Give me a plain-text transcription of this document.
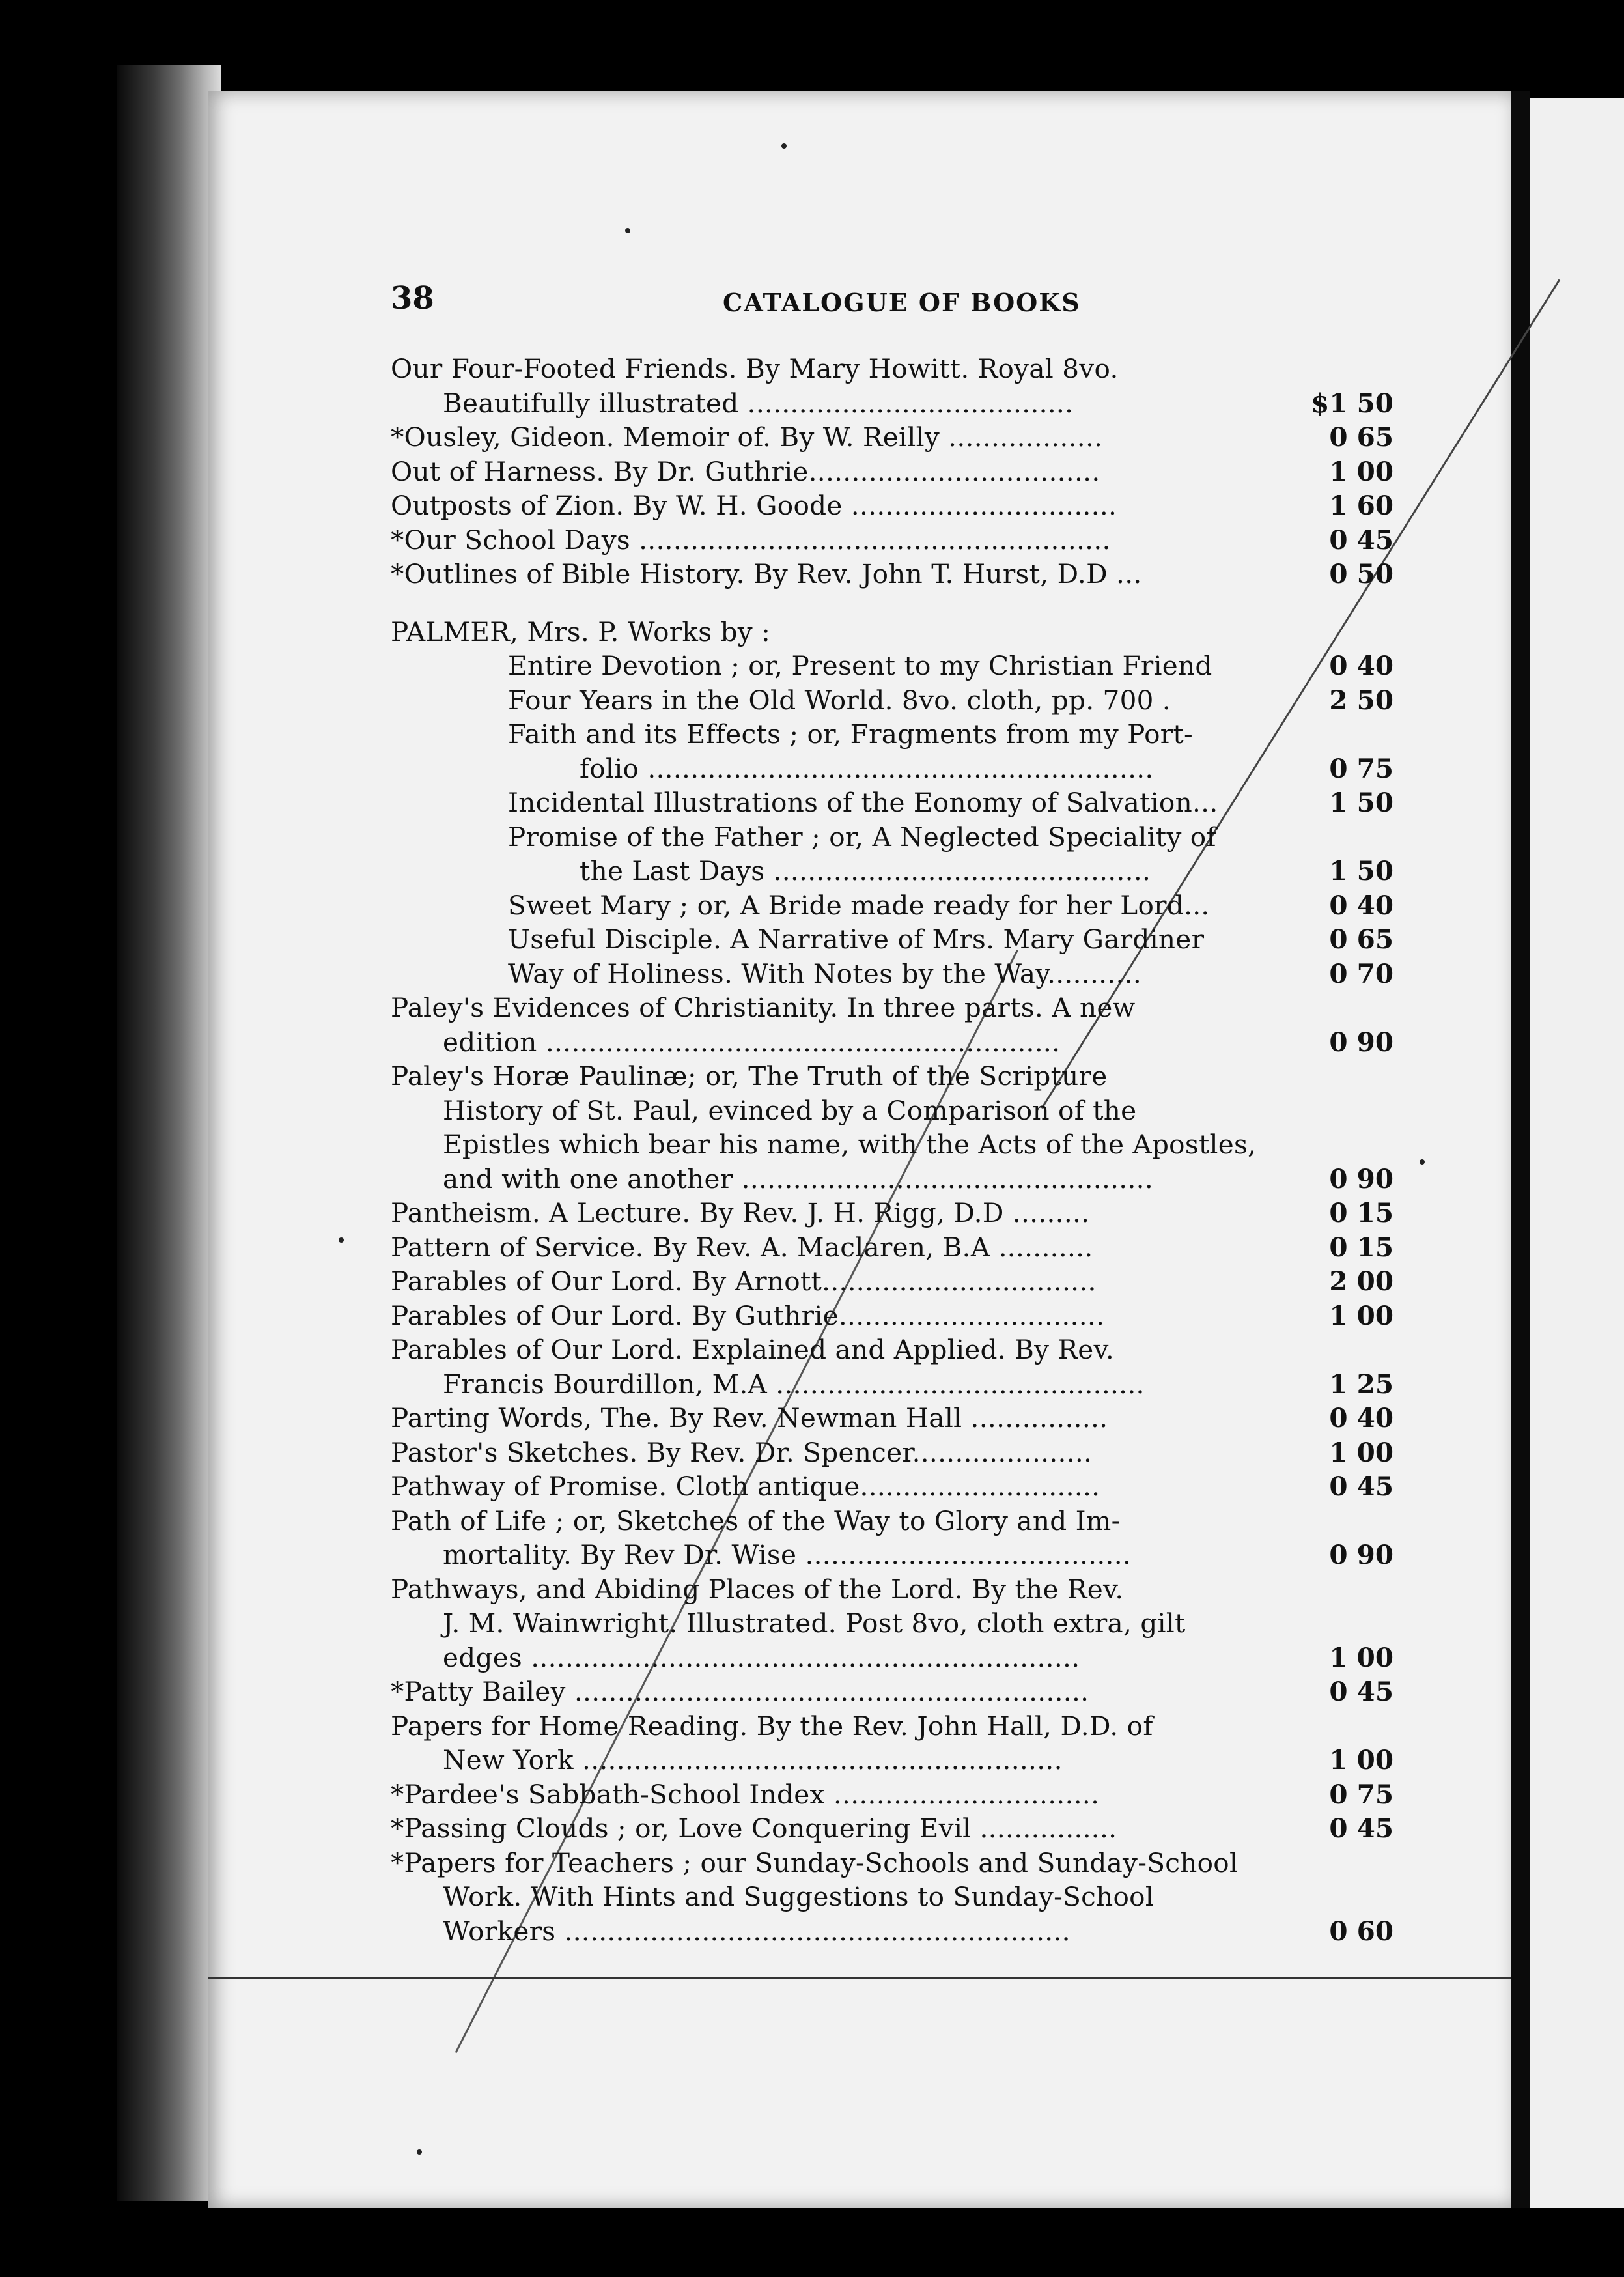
38	CATALOGUE OF BOOKS
Our Four-Footed Friends. By Mary Howitt. Royal 8vo.
Beautifully illustrated ......................................	$1 50
*Ousley, Gideon. Memoir of. By W. Reilly ..................	0 65
Out of Harness. By Dr. Guthrie..................................	1 00
Outposts of Zion. By W. H. Goode ...............................	1 60
*Our School Days .......................................................	0 45
*Outlines of Bible History. By Rev. John T. Hurst, D.D ...	0 50
PALMER, Mrs. P. Works by :
Entire Devotion ; or, Present to my Christian Friend	0 40
Four Years in the Old World. 8vo. cloth, pp. 700 .	2 50
Faith and its Effects ; or, Fragments from my Port-
folio ...........................................................	0 75
Incidental Illustrations of the Eonomy of Salvation...	1 50
Promise of the Father ; or, A Neglected Speciality of
the Last Days ............................................	1 50
Sweet Mary ; or, A Bride made ready for her Lord...	0 40
Useful Disciple. A Narrative of Mrs. Mary Gardiner	0 65
Way of Holiness. With Notes by the Way...........	0 70
Paley's Evidences of Christianity. In three parts. A new
edition ............................................................	0 90
Paley's Horæ Paulinæ; or, The Truth of the Scripture
History of St. Paul, evinced by a Comparison of the
Epistles which bear his name, with the Acts of the Apostles,
and with one another ................................................	0 90
Pantheism. A Lecture. By Rev. J. H. Rigg, D.D .........	0 15
Pattern of Service. By Rev. A. Maclaren, B.A ...........	0 15
Parables of Our Lord. By Arnott................................	2 00
Parables of Our Lord. By Guthrie...............................	1 00
Parables of Our Lord. Explained and Applied. By Rev.
Francis Bourdillon, M.A ...........................................	1 25
Parting Words, The. By Rev. Newman Hall ................	0 40
Pastor's Sketches. By Rev. Dr. Spencer.....................	1 00
Pathway of Promise. Cloth antique............................	0 45
Path of Life ; or, Sketches of the Way to Glory and Im-
mortality. By Rev Dr. Wise ......................................	0 90
Pathways, and Abiding Places of the Lord. By the Rev.
J. M. Wainwright. Illustrated. Post 8vo, cloth extra, gilt
edges ................................................................	1 00
*Patty Bailey ............................................................	0 45
Papers for Home Reading. By the Rev. John Hall, D.D. of
New York ........................................................	1 00
*Pardee's Sabbath-School Index ...............................	0 75
*Passing Clouds ; or, Love Conquering Evil ................	0 45
*Papers for Teachers ; our Sunday-Schools and Sunday-School
Work. With Hints and Suggestions to Sunday-School
Workers ...........................................................	0 60
